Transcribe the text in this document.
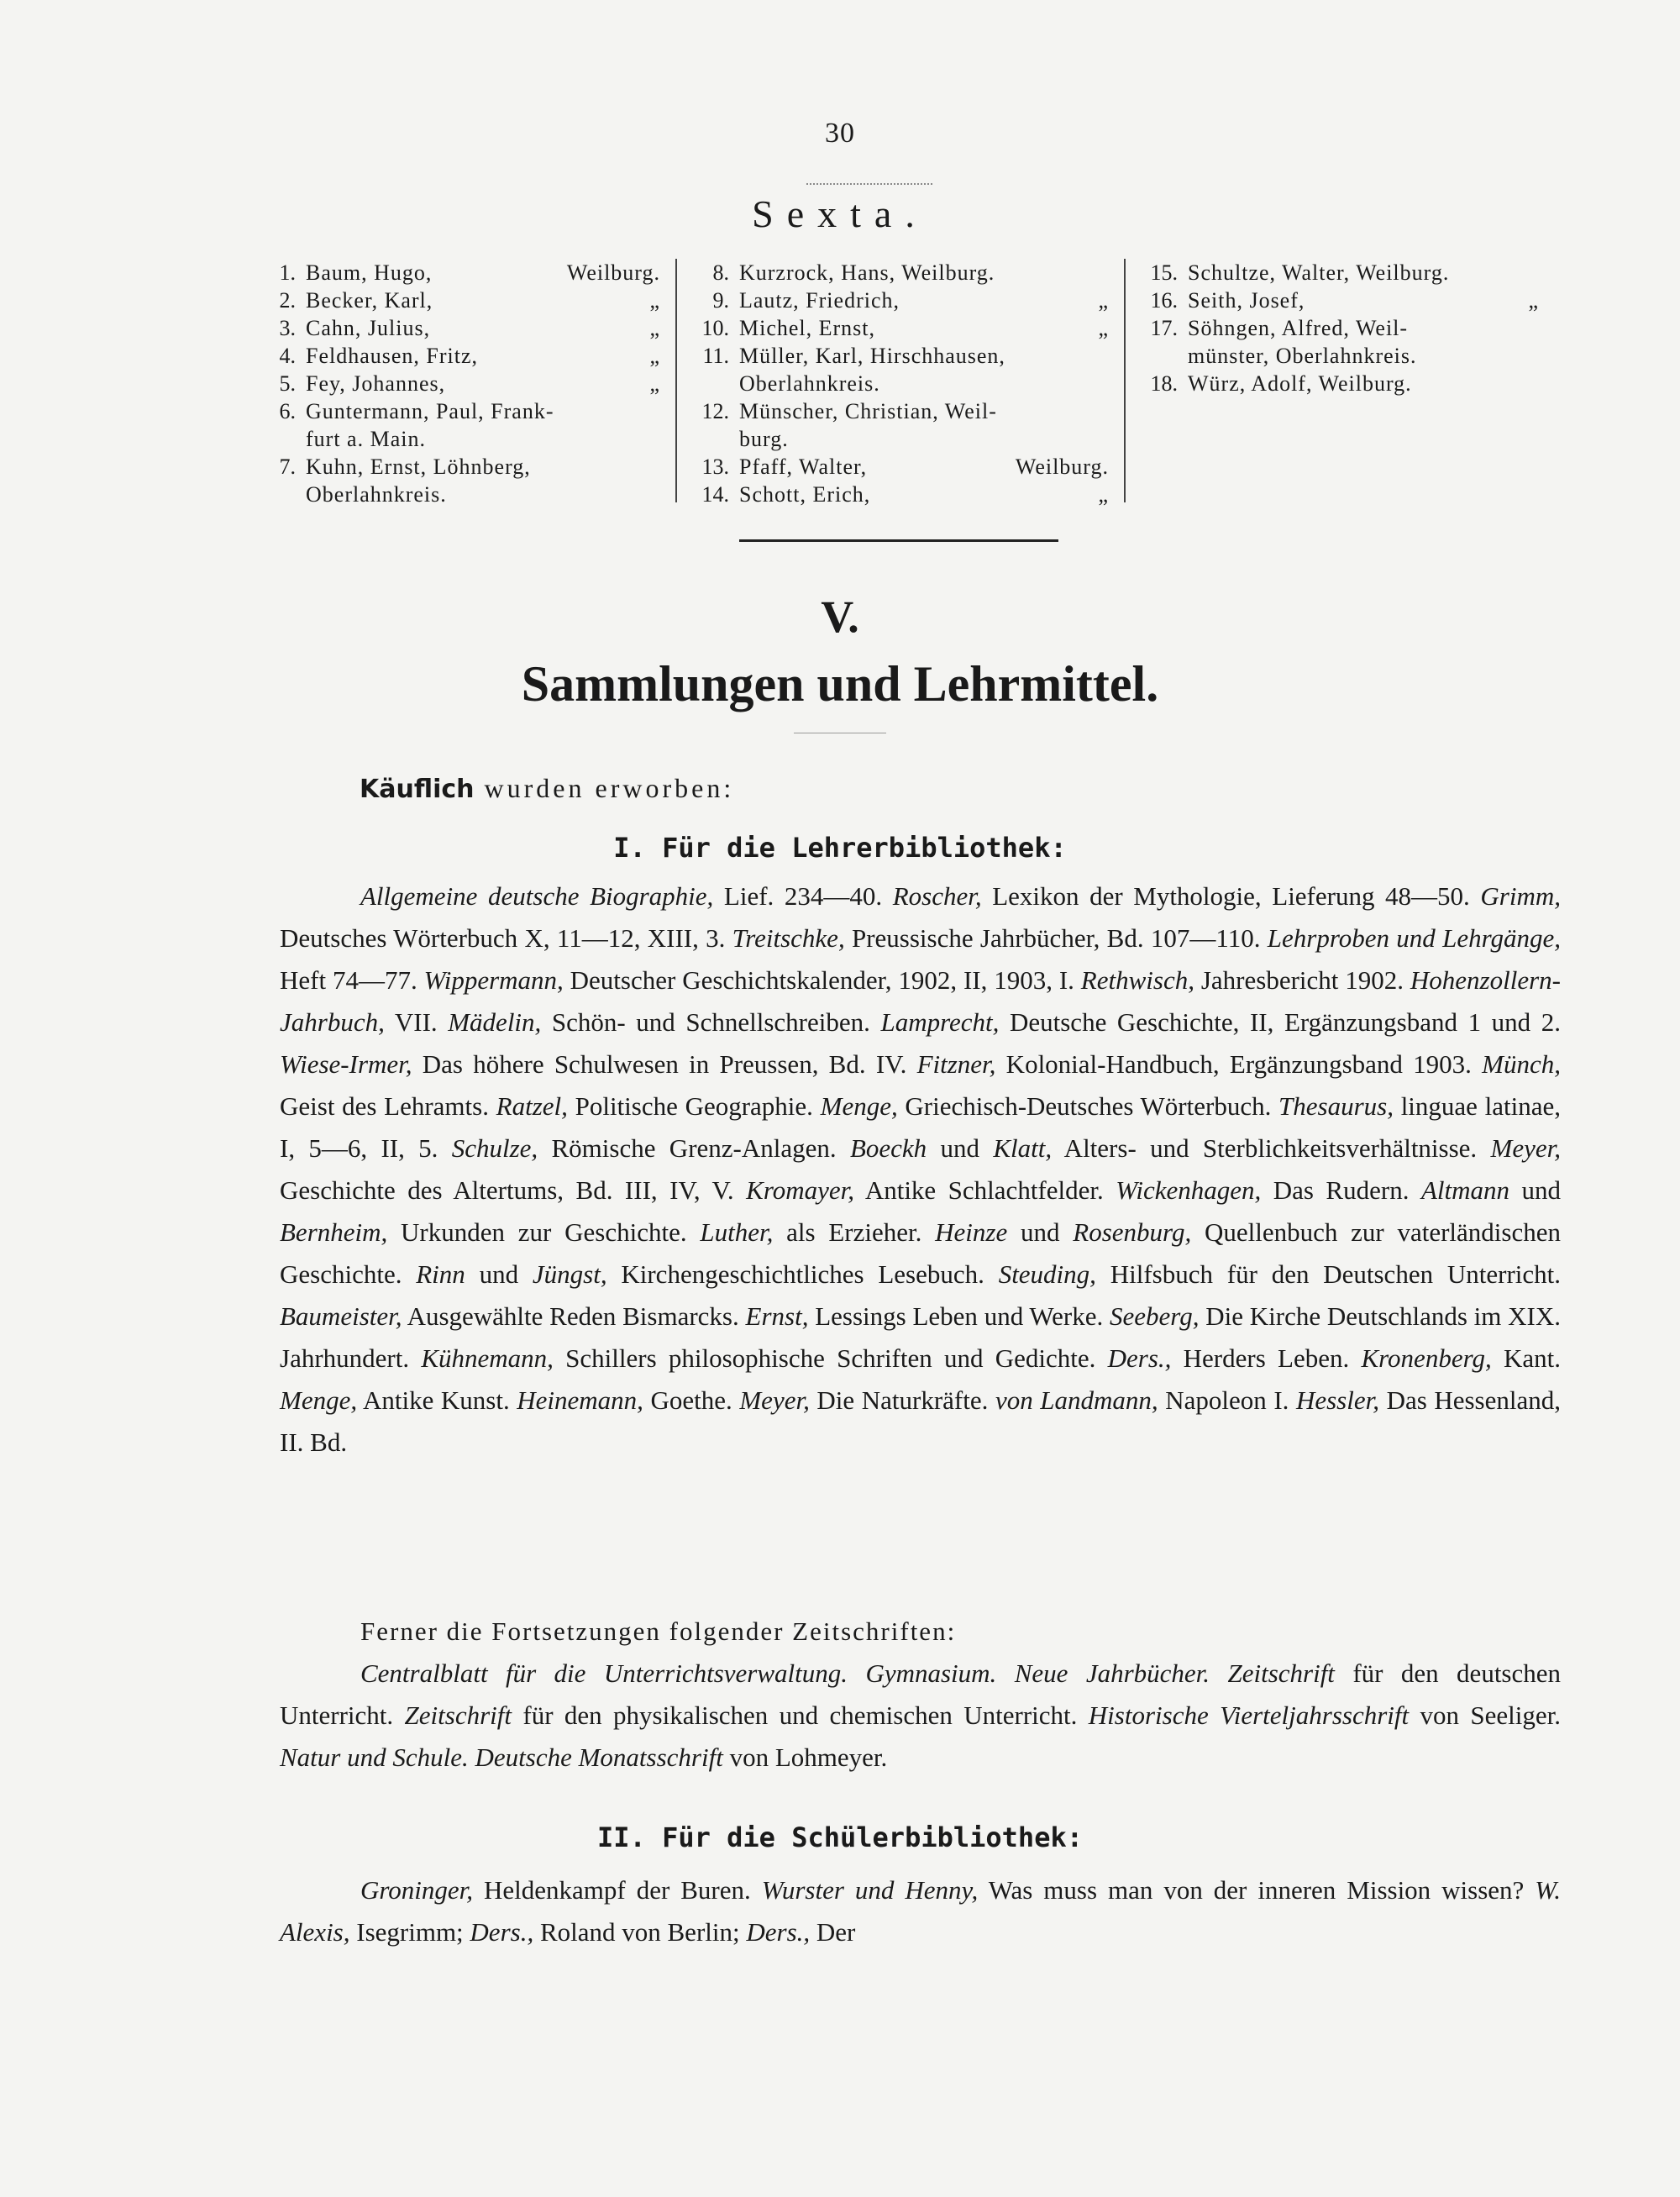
30
Sexta.
1. Baum, Hugo,	Weilburg.
2. Becker, Karl,	„
3. Cahn, Julius,	„
4. Feldhausen, Fritz,	„
5. Fey, Johannes,	„
6. Guntermann, Paul, Frank-
furt a. Main.
7. Kuhn, Ernst, Löhnberg,
Oberlahnkreis.
8. Kurzrock, Hans, Weilburg.
9. Lautz, Friedrich,	„
10. Michel, Ernst,	„
11. Müller, Karl, Hirschhausen,
Oberlahnkreis.
12. Münscher, Christian, Weil-
burg.
13. Pfaff, Walter,	Weilburg.
14. Schott, Erich,	„
15. Schultze, Walter, Weilburg.
16. Seith, Josef,	„
17. Söhngen, Alfred, Weil-
münster, Oberlahnkreis.
18. Würz, Adolf, Weilburg.
V.
Sammlungen und Lehrmittel.
Käuflich wurden erworben:
I. Für die Lehrerbibliothek:
Allgemeine deutsche Biographie, Lief. 234—40. Roscher, Lexikon der Mythologie, Lieferung 48—50. Grimm, Deutsches Wörterbuch X, 11—12, XIII, 3. Treitschke, Preussische Jahrbücher, Bd. 107—110. Lehrproben und Lehrgänge, Heft 74—77. Wippermann, Deutscher Geschichtskalender, 1902, II, 1903, I. Rethwisch, Jahresbericht 1902. Hohenzollern-Jahrbuch, VII. Mädelin, Schön- und Schnellschreiben. Lamprecht, Deutsche Geschichte, II, Ergänzungsband 1 und 2. Wiese-Irmer, Das höhere Schulwesen in Preussen, Bd. IV. Fitzner, Kolonial-Handbuch, Ergänzungsband 1903. Münch, Geist des Lehramts. Ratzel, Politische Geographie. Menge, Griechisch-Deutsches Wörterbuch. Thesaurus, linguae latinae, I, 5—6, II, 5. Schulze, Römische Grenz-Anlagen. Boeckh und Klatt, Alters- und Sterblichkeitsverhältnisse. Meyer, Geschichte des Altertums, Bd. III, IV, V. Kromayer, Antike Schlachtfelder. Wickenhagen, Das Rudern. Altmann und Bernheim, Urkunden zur Geschichte. Luther, als Erzieher. Heinze und Rosenburg, Quellenbuch zur vaterländischen Geschichte. Rinn und Jüngst, Kirchengeschichtliches Lesebuch. Steuding, Hilfsbuch für den Deutschen Unterricht. Baumeister, Ausgewählte Reden Bismarcks. Ernst, Lessings Leben und Werke. Seeberg, Die Kirche Deutschlands im XIX. Jahrhundert. Kühnemann, Schillers philosophische Schriften und Gedichte. Ders., Herders Leben. Kronenberg, Kant. Menge, Antike Kunst. Heinemann, Goethe. Meyer, Die Naturkräfte. von Landmann, Napoleon I. Hessler, Das Hessenland, II. Bd.
Ferner die Fortsetzungen folgender Zeitschriften:
Centralblatt für die Unterrichtsverwaltung. Gymnasium. Neue Jahrbücher. Zeitschrift für den deutschen Unterricht. Zeitschrift für den physikalischen und chemischen Unterricht. Historische Vierteljahrsschrift von Seeliger. Natur und Schule. Deutsche Monatsschrift von Lohmeyer.
II. Für die Schülerbibliothek:
Groninger, Heldenkampf der Buren. Wurster und Henny, Was muss man von der inneren Mission wissen? W. Alexis, Isegrimm; Ders., Roland von Berlin; Ders., Der
